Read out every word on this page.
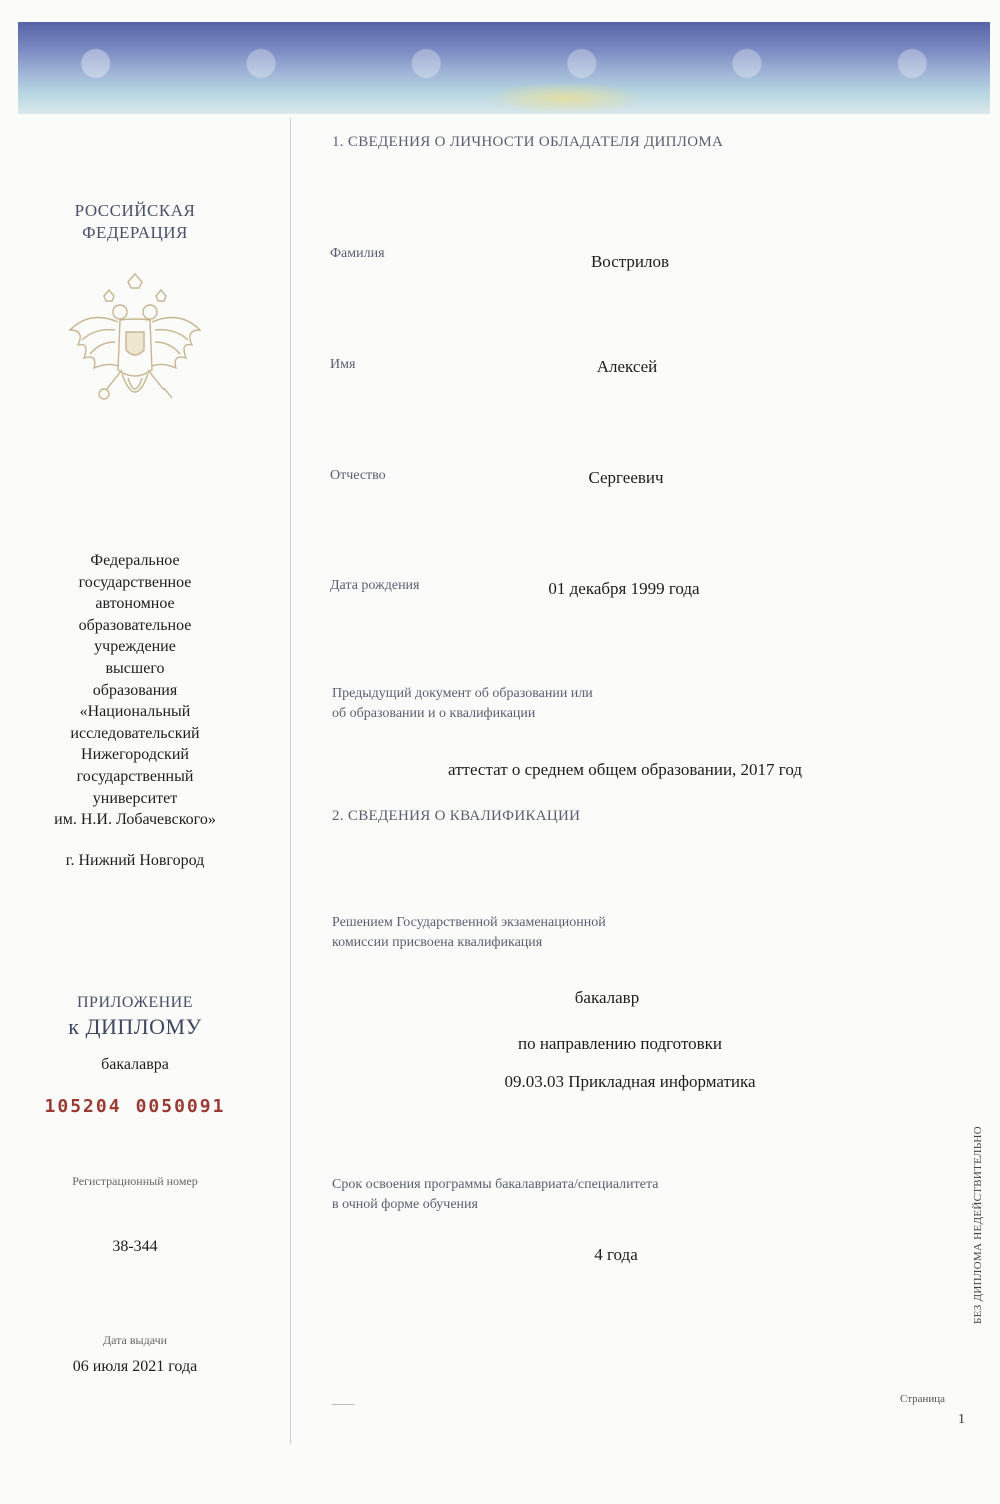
РОССИЙСКАЯ
ФЕДЕРАЦИЯ
Федеральное
государственное
автономное
образовательное
учреждение
высшего
образования
«Национальный
исследовательский
Нижегородский
государственный
университет
им. Н.И. Лобачевского»
г. Нижний Новгород
ПРИЛОЖЕНИЕ
к ДИПЛОМУ
бакалавра
105204 0050091
Регистрационный номер
38-344
Дата выдачи
06 июля 2021 года
1. СВЕДЕНИЯ О ЛИЧНОСТИ ОБЛАДАТЕЛЯ ДИПЛОМА
Фамилия	Вострилов
Имя	Алексей
Отчество	Сергеевич
Дата рождения	01 декабря 1999 года
Предыдущий документ об образовании или
об образовании и о квалификации
аттестат о среднем общем образовании, 2017 год
2. СВЕДЕНИЯ О КВАЛИФИКАЦИИ
Решением Государственной экзаменационной
комиссии присвоена квалификация
бакалавр
по направлению подготовки
09.03.03 Прикладная информатика
Срок освоения программы бакалавриата/специалитета
в очной форме обучения
4 года	БЕЗ ДИПЛОМА НЕДЕЙСТВИТЕЛЬНО
Страница
1
